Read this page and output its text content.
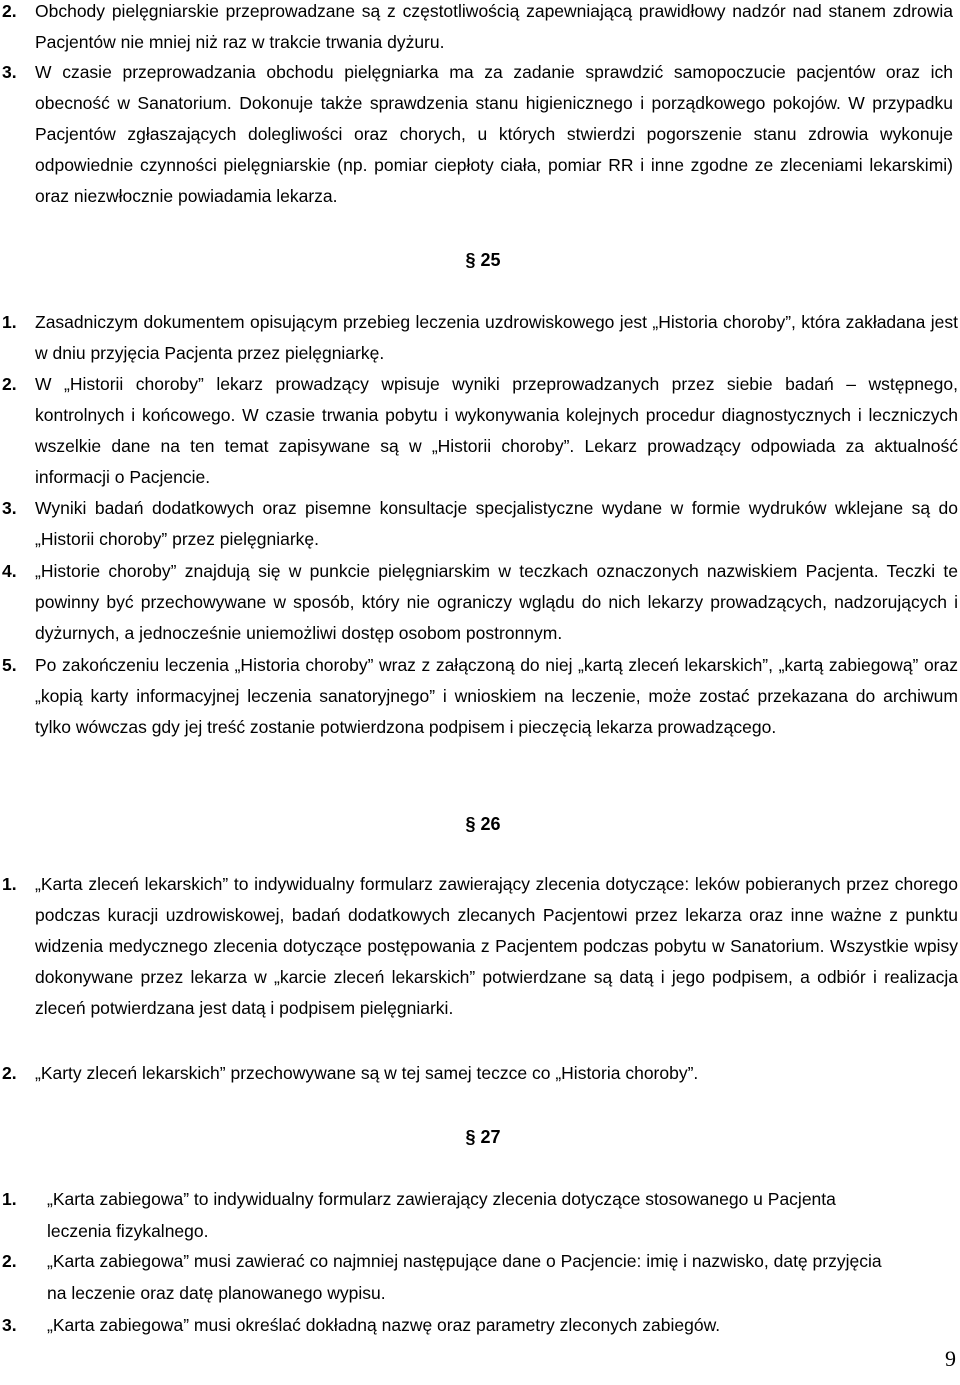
2. Obchody pielęgniarskie przeprowadzane są z częstotliwością zapewniającą prawidłowy nadzór nad stanem zdrowia Pacjentów nie mniej niż raz w trakcie trwania dyżuru.
3. W czasie przeprowadzania obchodu pielęgniarka ma za zadanie sprawdzić samopoczucie pacjentów oraz ich obecność w Sanatorium. Dokonuje także sprawdzenia stanu higienicznego i porządkowego pokojów. W przypadku Pacjentów zgłaszających dolegliwości oraz chorych, u których stwierdzi pogorszenie stanu zdrowia wykonuje odpowiednie czynności pielęgniarskie (np. pomiar ciepłoty ciała, pomiar RR i inne zgodne ze zleceniami lekarskimi) oraz niezwłocznie powiadamia lekarza.
§ 25
1. Zasadniczym dokumentem opisującym przebieg leczenia uzdrowiskowego jest „Historia choroby”, która zakładana jest w dniu przyjęcia Pacjenta przez pielęgniarkę.
2. W „Historii choroby” lekarz prowadzący wpisuje wyniki przeprowadzanych przez siebie badań – wstępnego, kontrolnych i końcowego. W czasie trwania pobytu i wykonywania kolejnych procedur diagnostycznych i leczniczych wszelkie dane na ten temat zapisywane są w „Historii choroby”. Lekarz prowadzący odpowiada za aktualność informacji o Pacjencie.
3. Wyniki badań dodatkowych oraz pisemne konsultacje specjalistyczne wydane w formie wydruków wklejane są do „Historii choroby” przez pielęgniarkę.
4. „Historie choroby” znajdują się w punkcie pielęgniarskim w teczkach oznaczonych nazwiskiem Pacjenta. Teczki te powinny być przechowywane w sposób, który nie ograniczy wglądu do nich lekarzy prowadzących, nadzorujących i dyżurnych, a jednocześnie uniemożliwi dostęp osobom postronnym.
5. Po zakończeniu leczenia „Historia choroby” wraz z załączoną do niej „kartą zleceń lekarskich”, „kartą zabiegową” oraz „kopią karty informacyjnej leczenia sanatoryjnego” i wnioskiem na leczenie, może zostać przekazana do archiwum tylko wówczas gdy jej treść zostanie potwierdzona podpisem i pieczęcią lekarza prowadzącego.
§ 26
1. „Karta zleceń lekarskich” to indywidualny formularz zawierający zlecenia dotyczące: leków pobieranych przez chorego podczas kuracji uzdrowiskowej, badań dodatkowych zlecanych Pacjentowi przez lekarza oraz inne ważne z punktu widzenia medycznego zlecenia dotyczące postępowania z Pacjentem podczas pobytu w Sanatorium. Wszystkie wpisy dokonywane przez lekarza w „karcie zleceń lekarskich” potwierdzane są datą i jego podpisem, a odbiór i realizacja zleceń potwierdzana jest datą i podpisem pielęgniarki.
2. „Karty zleceń lekarskich” przechowywane są w tej samej teczce co „Historia choroby”.
§ 27
1. „Karta zabiegowa” to indywidualny formularz zawierający zlecenia dotyczące stosowanego u Pacjenta leczenia fizykalnego.
2. „Karta zabiegowa” musi zawierać co najmniej następujące dane o Pacjencie: imię i nazwisko, datę przyjęcia na leczenie oraz datę planowanego wypisu.
3. „Karta zabiegowa” musi określać dokładną nazwę oraz parametry zleconych zabiegów.
9
